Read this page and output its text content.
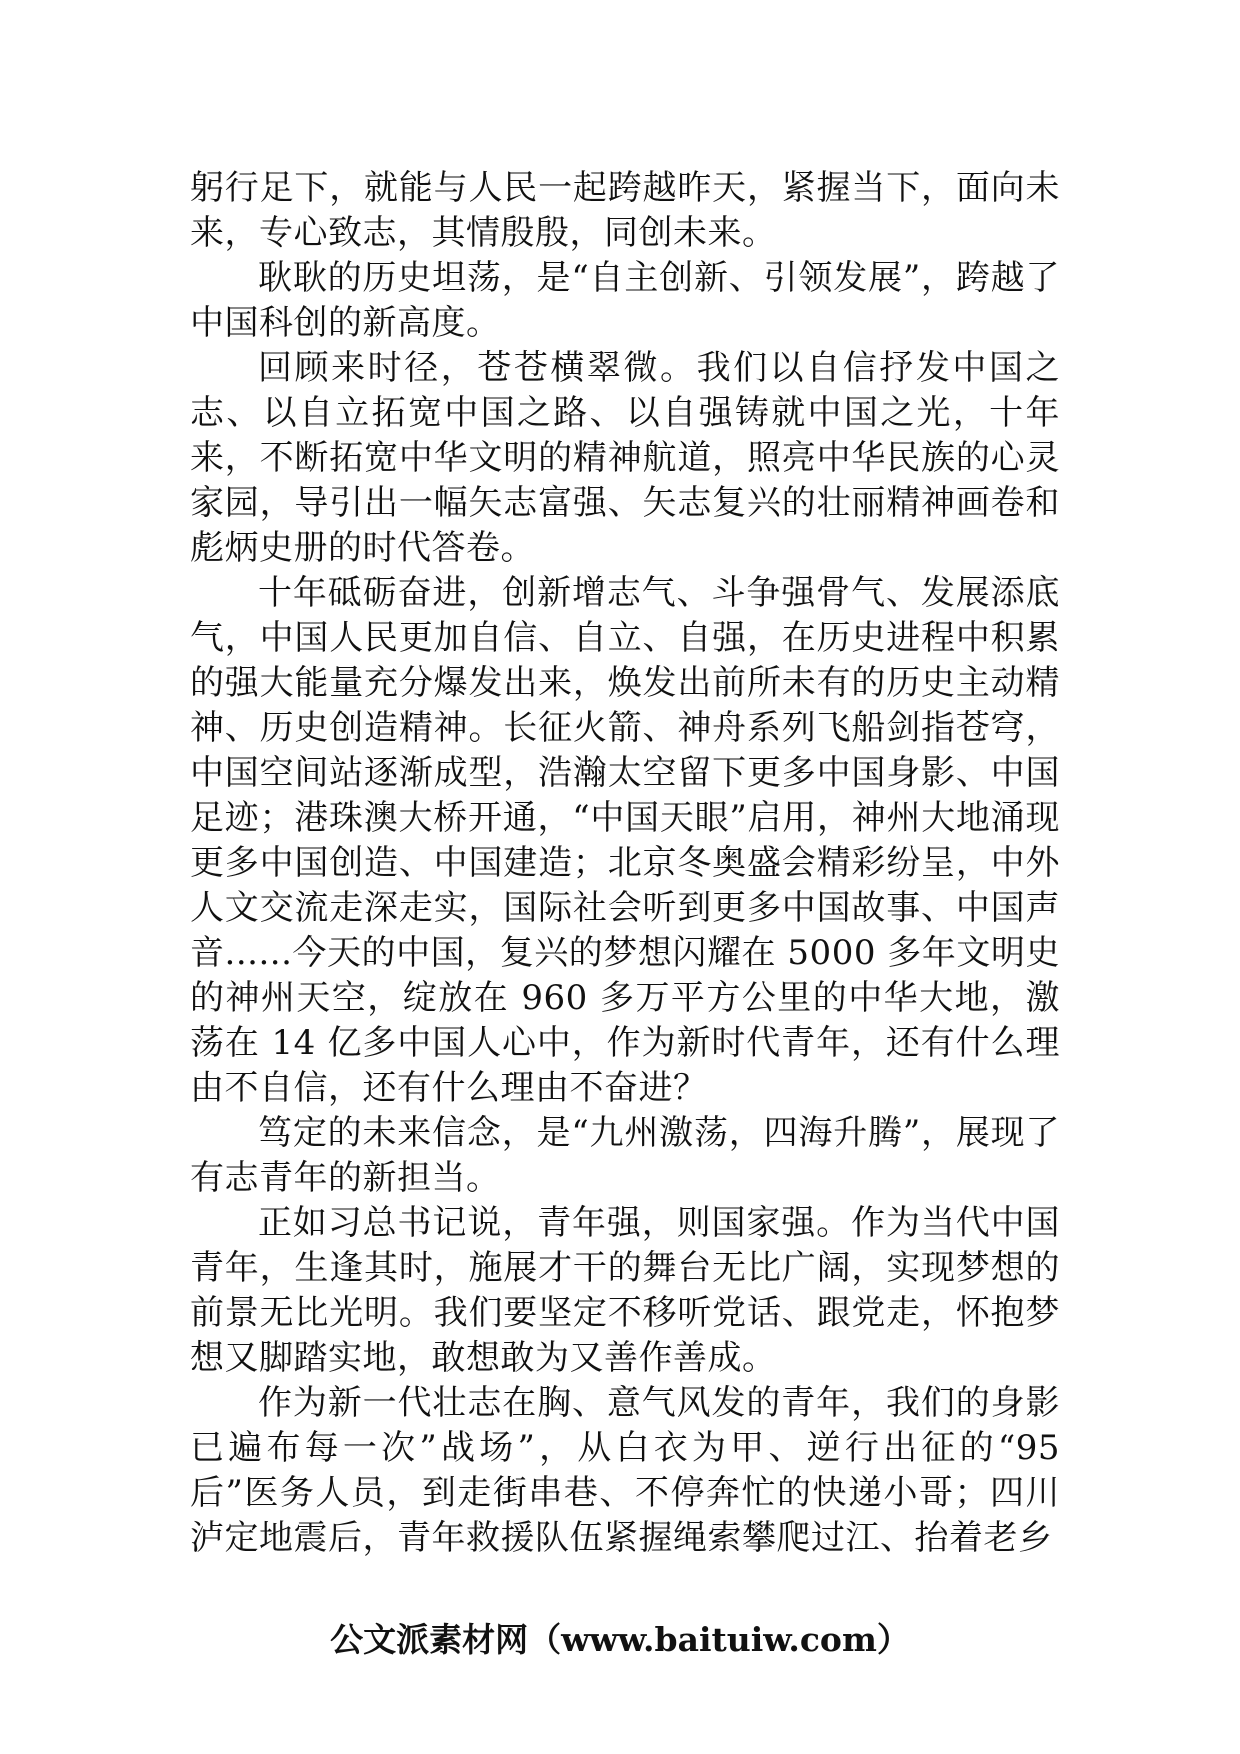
躬行足下，就能与人民一起跨越昨天，紧握当下，面向未来，专心致志，其情殷殷，同创未来。

耿耿的历史坦荡，是“自主创新、引领发展”，跨越了中国科创的新高度。

回顾来时径，苍苍横翠微。我们以自信抒发中国之志、以自立拓宽中国之路、以自强铸就中国之光，十年来，不断拓宽中华文明的精神航道，照亮中华民族的心灵家园，导引出一幅矢志富强、矢志复兴的壮丽精神画卷和彪炳史册的时代答卷。

十年砥砺奋进，创新增志气、斗争强骨气、发展添底气，中国人民更加自信、自立、自强，在历史进程中积累的强大能量充分爆发出来，焕发出前所未有的历史主动精神、历史创造精神。长征火箭、神舟系列飞船剑指苍穹，中国空间站逐渐成型，浩瀚太空留下更多中国身影、中国足迹；港珠澳大桥开通，“中国天眼”启用，神州大地涌现更多中国创造、中国建造；北京冬奥盛会精彩纷呈，中外人文交流走深走实，国际社会听到更多中国故事、中国声音......今天的中国，复兴的梦想闪耀在 5000 多年文明史的神州天空，绽放在 960 多万平方公里的中华大地，激荡在 14 亿多中国人心中，作为新时代青年，还有什么理由不自信，还有什么理由不奋进？

笃定的未来信念，是“九州激荡，四海升腾”，展现了有志青年的新担当。

正如习总书记说，青年强，则国家强。作为当代中国青年，生逢其时，施展才干的舞台无比广阔，实现梦想的前景无比光明。我们要坚定不移听党话、跟党走，怀抱梦想又脚踏实地，敢想敢为又善作善成。

作为新一代壮志在胸、意气风发的青年，我们的身影已遍布每一次”战场”，从白衣为甲、逆行出征的“95 后”医务人员，到走街串巷、不停奔忙的快递小哥；四川泸定地震后，青年救援队伍紧握绳索攀爬过江、抬着老乡

公文派素材网（www.baituiw.com）
